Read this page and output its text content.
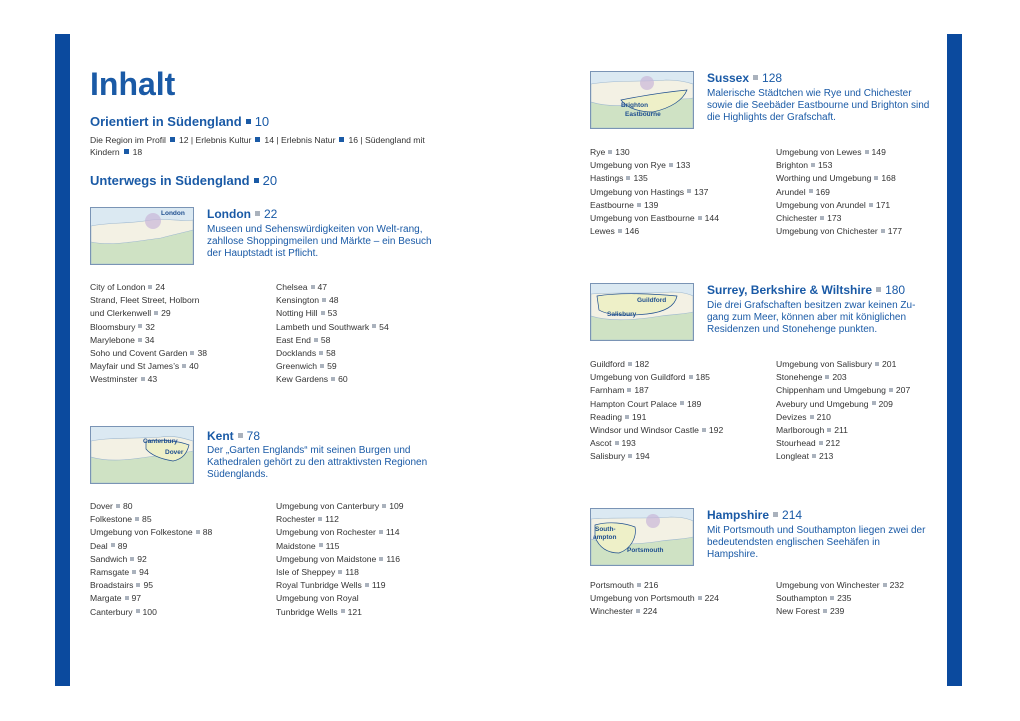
Inhalt
Orientiert in Südengland 10
Die Region im Profil 12 | Erlebnis Kultur 14 | Erlebnis Natur 16 | Südengland mit
Kindern 18
Unterwegs in Südengland 20
London London 22
Museen und Sehenswürdigkeiten von Welt-rang, zahllose Shoppingmeilen und Märkte – ein Besuch der Hauptstadt ist Pflicht.
City of London 24
Strand, Fleet Street, Holborn
und Clerkenwell 29
Bloomsbury 32
Marylebone 34
Soho und Covent Garden 38
Mayfair und St James’s 40
Westminster 43
Chelsea 47
Kensington 48
Notting Hill 53
Lambeth und Southwark 54
East End 58
Docklands 58
Greenwich 59
Kew Gardens 60
Canterbury
Dover
Kent 78
Der „Garten Englands“ mit seinen Burgen und Kathedralen gehört zu den attraktivsten Regionen Südenglands.
Dover 80
Folkestone 85
Umgebung von Folkestone 88
Deal 89
Sandwich 92
Ramsgate 94
Broadstairs 95
Margate 97
Canterbury 100
Umgebung von Canterbury 109
Rochester 112
Umgebung von Rochester 114
Maidstone 115
Umgebung von Maidstone 116
Isle of Sheppey 118
Royal Tunbridge Wells 119
Umgebung von Royal
Tunbridge Wells 121
Brighton
Eastbourne
Sussex 128
Malerische Städtchen wie Rye und Chichester sowie die Seebäder Eastbourne und Brighton sind die Highlights der Grafschaft.
Rye 130
Umgebung von Rye 133
Hastings 135
Umgebung von Hastings 137
Eastbourne 139
Umgebung von Eastbourne 144
Lewes 146
Umgebung von Lewes 149
Brighton 153
Worthing und Umgebung 168
Arundel 169
Umgebung von Arundel 171
Chichester 173
Umgebung von Chichester 177
Guildford
Salisbury
Surrey, Berkshire & Wiltshire 180
Die drei Grafschaften besitzen zwar keinen Zu-gang zum Meer, können aber mit königlichen Residenzen und Stonehenge punkten.
Guildford 182
Umgebung von Guildford 185
Farnham 187
Hampton Court Palace 189
Reading 191
Windsor und Windsor Castle 192
Ascot 193
Salisbury 194
Umgebung von Salisbury 201
Stonehenge 203
Chippenham und Umgebung 207
Avebury und Umgebung 209
Devizes 210
Marlborough 211
Stourhead 212
Longleat 213
South-
ampton
Portsmouth
Hampshire 214
Mit Portsmouth und Southampton liegen zwei der bedeutendsten englischen Seehäfen in Hampshire.
Portsmouth 216
Umgebung von Portsmouth 224
Winchester 224
Umgebung von Winchester 232
Southampton 235
New Forest 239
